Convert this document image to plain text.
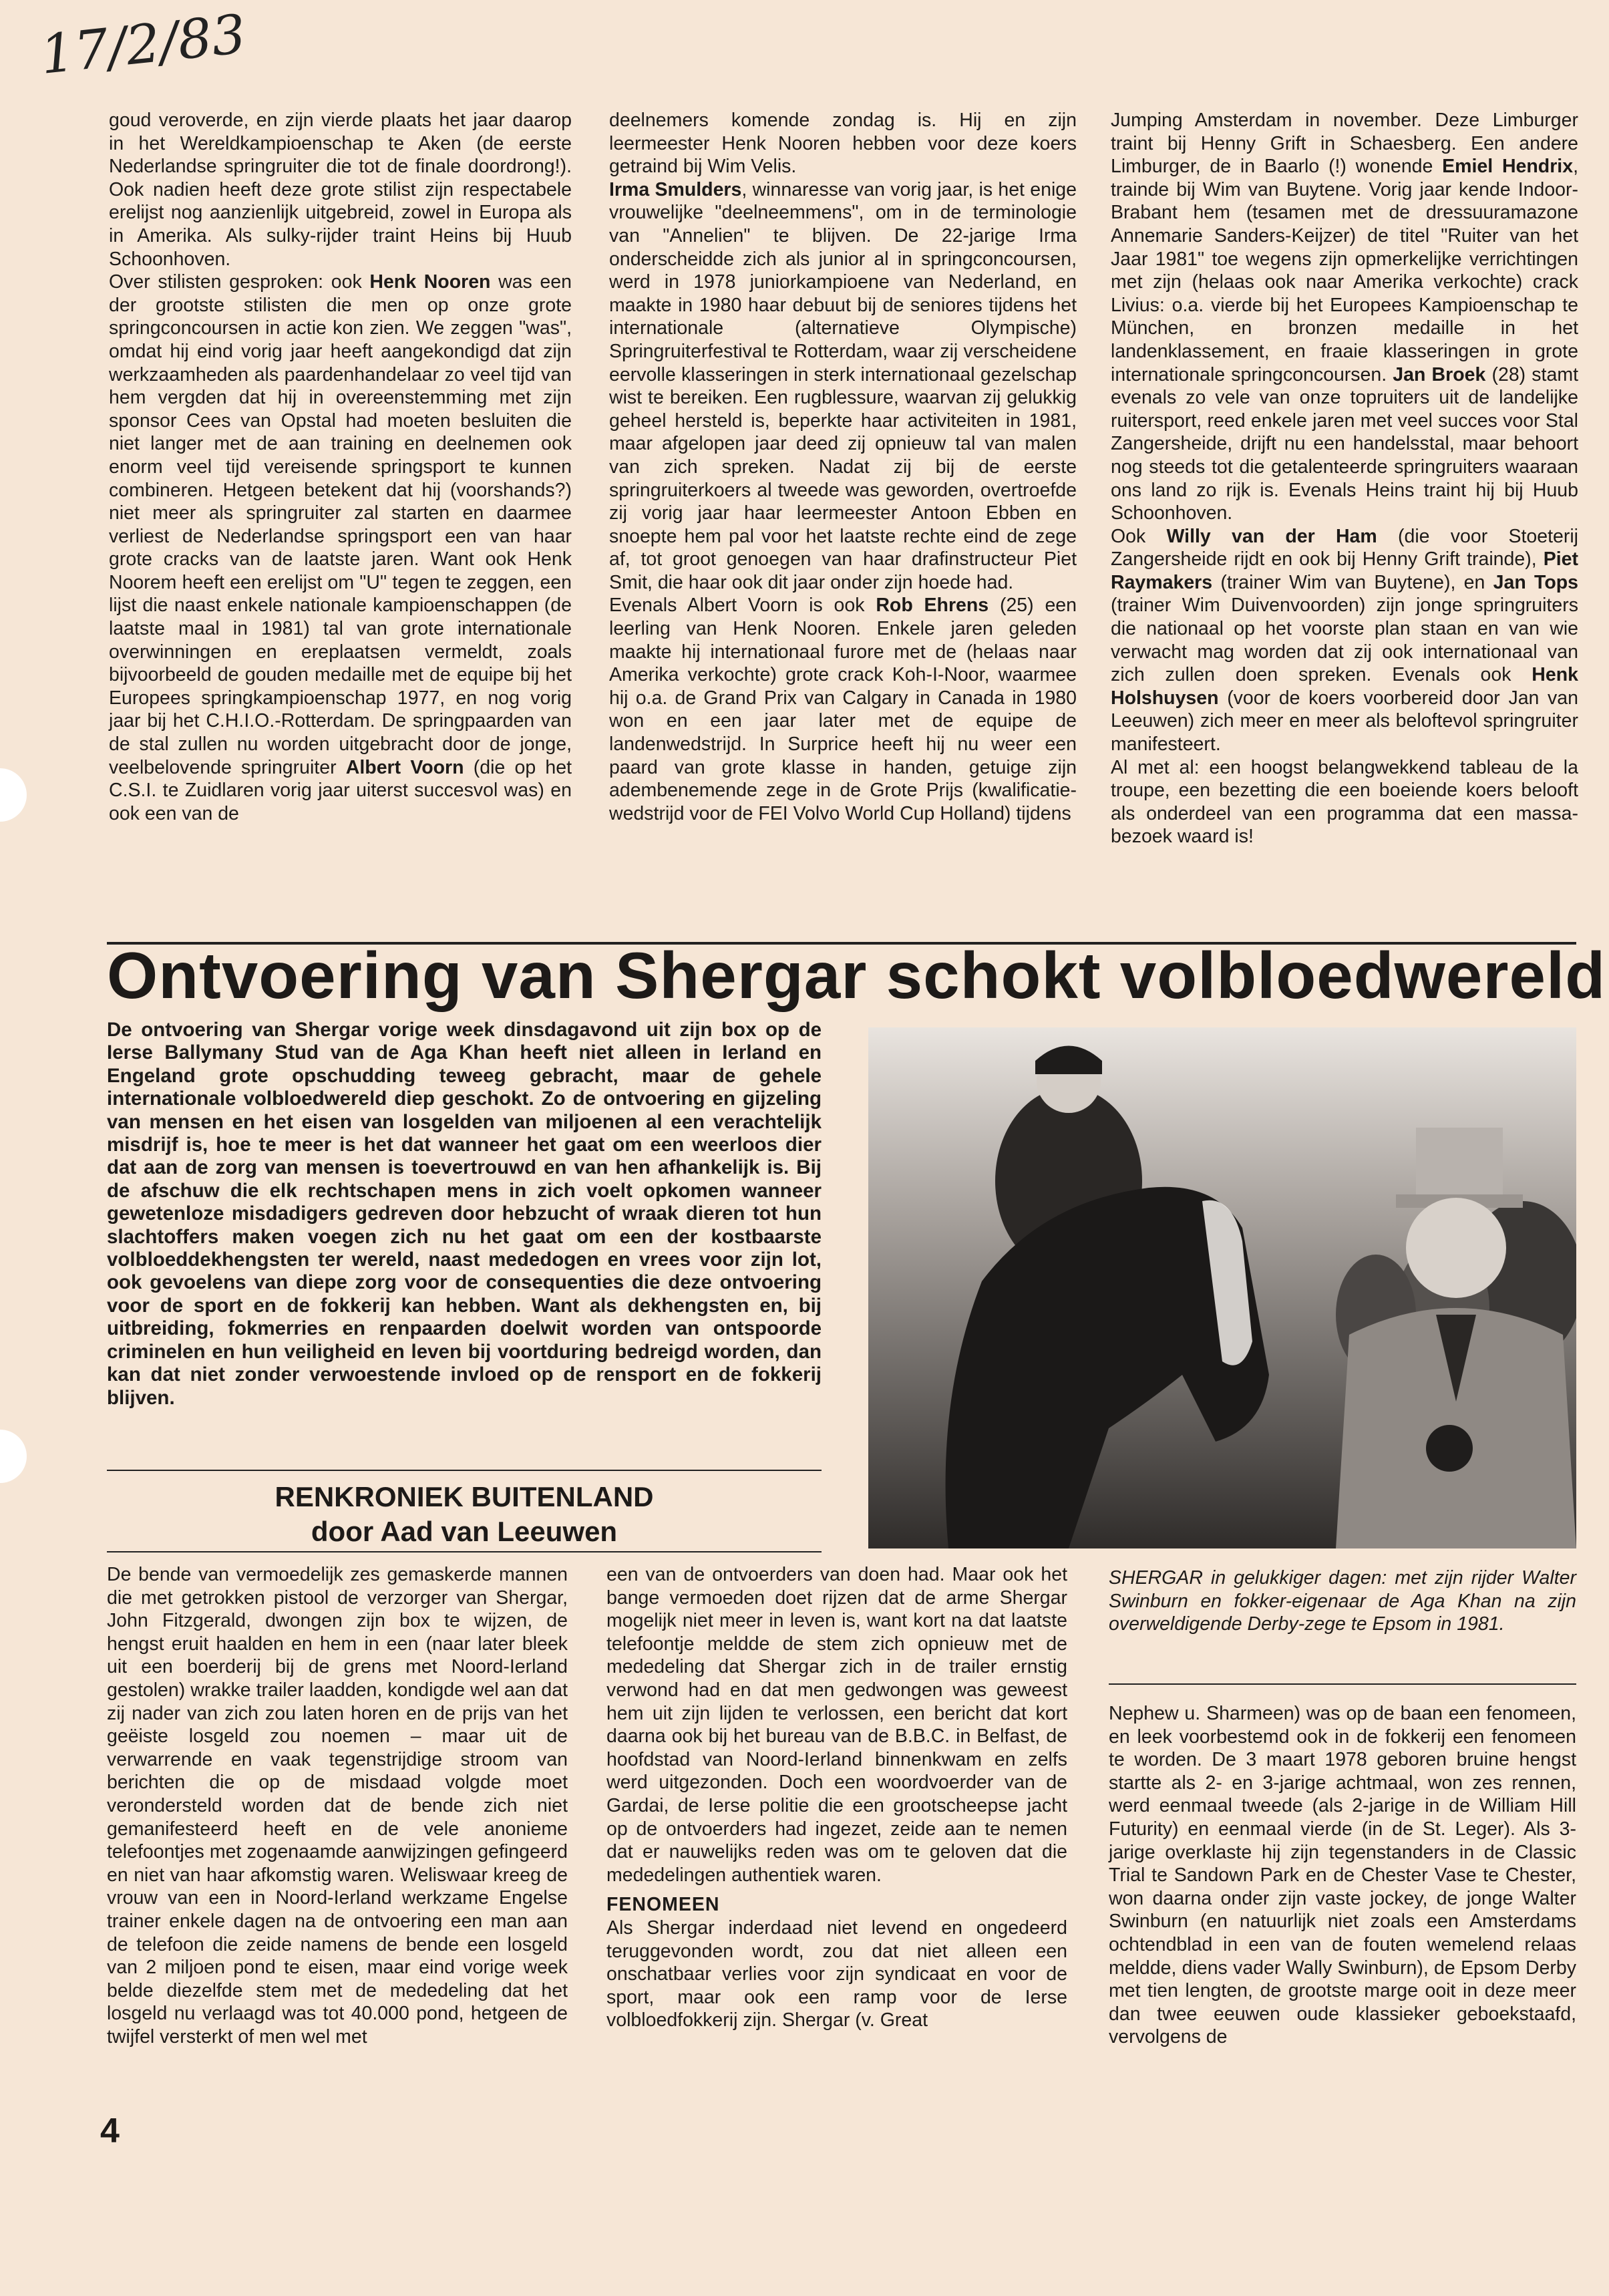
17/2/83

goud veroverde, en zijn vierde plaats het jaar daarop in het Wereldkampioenschap te Aken (de eerste Nederlandse springruiter die tot de finale doordrong!). Ook nadien heeft deze grote stilist zijn respectabele erelijst nog aanzienlijk uitgebreid, zowel in Europa als in Amerika. Als sulky-rijder traint Heins bij Huub Schoonhoven.

Over stilisten gesproken: ook Henk Nooren was een der grootste stilisten die men op onze grote springconcoursen in actie kon zien. We zeggen "was", omdat hij eind vorig jaar heeft aangekondigd dat zijn werkzaamheden als paardenhandelaar zo veel tijd van hem vergden dat hij in overeenstemming met zijn sponsor Cees van Opstal had moeten besluiten die niet langer met de aan training en deelnemen ook enorm veel tijd vereisende springsport te kunnen combineren. Hetgeen betekent dat hij (voorshands?) niet meer als springruiter zal starten en daarmee verliest de Nederlandse springsport een van haar grote cracks van de laatste jaren. Want ook Henk Noorem heeft een erelijst om "U" tegen te zeggen, een lijst die naast enkele nationale kampioenschappen (de laatste maal in 1981) tal van grote internationale overwinningen en ereplaatsen vermeldt, zoals bijvoorbeeld de gouden medaille met de equipe bij het Europees springkampioenschap 1977, en nog vorig jaar bij het C.H.I.O.-Rotterdam. De springpaarden van de stal zullen nu worden uitgebracht door de jonge, veelbelovende springruiter Albert Voorn (die op het C.S.I. te Zuidlaren vorig jaar uiterst succesvol was) en ook een van de

deelnemers komende zondag is. Hij en zijn leermeester Henk Nooren hebben voor deze koers getraind bij Wim Velis.

Irma Smulders, winnaresse van vorig jaar, is het enige vrouwelijke "deelneemmens", om in de terminologie van "Annelien" te blijven. De 22-jarige Irma onderscheidde zich als junior al in springconcoursen, werd in 1978 juniorkampioene van Nederland, en maakte in 1980 haar debuut bij de seniores tijdens het internationale (alternatieve Olympische) Springruiterfestival te Rotterdam, waar zij verscheidene eervolle klasseringen in sterk internationaal gezelschap wist te bereiken. Een rugblessure, waarvan zij gelukkig geheel hersteld is, beperkte haar activiteiten in 1981, maar afgelopen jaar deed zij opnieuw tal van malen van zich spreken. Nadat zij bij de eerste springruiterkoers al tweede was geworden, overtroefde zij vorig jaar haar leermeester Antoon Ebben en snoepte hem pal voor het laatste rechte eind de zege af, tot groot genoegen van haar drafinstructeur Piet Smit, die haar ook dit jaar onder zijn hoede had.

Evenals Albert Voorn is ook Rob Ehrens (25) een leerling van Henk Nooren. Enkele jaren geleden maakte hij internationaal furore met de (helaas naar Amerika verkochte) grote crack Koh-I-Noor, waarmee hij o.a. de Grand Prix van Calgary in Canada in 1980 won en een jaar later met de equipe de landenwedstrijd. In Surprice heeft hij nu weer een paard van grote klasse in handen, getuige zijn adembenemende zege in de Grote Prijs (kwalificatie-wedstrijd voor de FEI Volvo World Cup Holland) tijdens

Jumping Amsterdam in november. Deze Limburger traint bij Henny Grift in Schaesberg. Een andere Limburger, de in Baarlo (!) wonende Emiel Hendrix, trainde bij Wim van Buytene. Vorig jaar kende Indoor-Brabant hem (tesamen met de dressuuramazone Annemarie Sanders-Keijzer) de titel "Ruiter van het Jaar 1981" toe wegens zijn opmerkelijke verrichtingen met zijn (helaas ook naar Amerika verkochte) crack Livius: o.a. vierde bij het Europees Kampioenschap te München, en bronzen medaille in het landenklassement, en fraaie klasseringen in grote internationale springconcoursen. Jan Broek (28) stamt evenals zo vele van onze topruiters uit de landelijke ruitersport, reed enkele jaren met veel succes voor Stal Zangersheide, drijft nu een handelsstal, maar behoort nog steeds tot die getalenteerde springruiters waaraan ons land zo rijk is. Evenals Heins traint hij bij Huub Schoonhoven.

Ook Willy van der Ham (die voor Stoeterij Zangersheide rijdt en ook bij Henny Grift trainde), Piet Raymakers (trainer Wim van Buytene), en Jan Tops (trainer Wim Duivenvoorden) zijn jonge springruiters die nationaal op het voorste plan staan en van wie verwacht mag worden dat zij ook internationaal van zich zullen doen spreken. Evenals ook Henk Holshuysen (voor de koers voorbereid door Jan van Leeuwen) zich meer en meer als beloftevol springruiter manifesteert.

Al met al: een hoogst belangwekkend tableau de la troupe, een bezetting die een boeiende koers belooft als onderdeel van een programma dat een massa-bezoek waard is!

Ontvoering van Shergar schokt volbloedwereld
De ontvoering van Shergar vorige week dinsdagavond uit zijn box op de Ierse Ballymany Stud van de Aga Khan heeft niet alleen in Ierland en Engeland grote opschudding teweeg gebracht, maar de gehele internationale volbloedwereld diep geschokt. Zo de ontvoering en gijzeling van mensen en het eisen van losgelden van miljoenen al een verachtelijk misdrijf is, hoe te meer is het dat wanneer het gaat om een weerloos dier dat aan de zorg van mensen is toevertrouwd en van hen afhankelijk is. Bij de afschuw die elk rechtschapen mens in zich voelt opkomen wanneer gewetenloze misdadigers gedreven door hebzucht of wraak dieren tot hun slachtoffers maken voegen zich nu het gaat om een der kostbaarste volbloeddekhengsten ter wereld, naast mededogen en vrees voor zijn lot, ook gevoelens van diepe zorg voor de consequenties die deze ontvoering voor de sport en de fokkerij kan hebben. Want als dekhengsten en, bij uitbreiding, fokmerries en renpaarden doelwit worden van ontspoorde criminelen en hun veiligheid en leven bij voortduring bedreigd worden, dan kan dat niet zonder verwoestende invloed op de rensport en de fokkerij blijven.
RENKRONIEK BUITENLAND
door Aad van Leeuwen
SHERGAR in gelukkiger dagen: met zijn rijder Walter Swinburn en fokker-eigenaar de Aga Khan na zijn overweldigende Derby-zege te Epsom in 1981.

De bende van vermoedelijk zes gemaskerde mannen die met getrokken pistool de verzorger van Shergar, John Fitzgerald, dwongen zijn box te wijzen, de hengst eruit haalden en hem in een (naar later bleek uit een boerderij bij de grens met Noord-Ierland gestolen) wrakke trailer laadden, kondigde wel aan dat zij nader van zich zou laten horen en de prijs van het geëiste losgeld zou noemen – maar uit de verwarrende en vaak tegenstrijdige stroom van berichten die op de misdaad volgde moet verondersteld worden dat de bende zich niet gemanifesteerd heeft en de vele anonieme telefoontjes met zogenaamde aanwijzingen gefingeerd en niet van haar afkomstig waren. Weliswaar kreeg de vrouw van een in Noord-Ierland werkzame Engelse trainer enkele dagen na de ontvoering een man aan de telefoon die zeide namens de bende een losgeld van 2 miljoen pond te eisen, maar eind vorige week belde diezelfde stem met de mededeling dat het losgeld nu verlaagd was tot 40.000 pond, hetgeen de twijfel versterkt of men wel met

een van de ontvoerders van doen had. Maar ook het bange vermoeden doet rijzen dat de arme Shergar mogelijk niet meer in leven is, want kort na dat laatste telefoontje meldde de stem zich opnieuw met de mededeling dat Shergar zich in de trailer ernstig verwond had en dat men gedwongen was geweest hem uit zijn lijden te verlossen, een bericht dat kort daarna ook bij het bureau van de B.B.C. in Belfast, de hoofdstad van Noord-Ierland binnenkwam en zelfs werd uitgezonden. Doch een woordvoerder van de Gardai, de Ierse politie die een grootscheepse jacht op de ontvoerders had ingezet, zeide aan te nemen dat er nauwelijks reden was om te geloven dat die mededelingen authentiek waren.

FENOMEEN

Als Shergar inderdaad niet levend en ongedeerd teruggevonden wordt, zou dat niet alleen een onschatbaar verlies voor zijn syndicaat en voor de sport, maar ook een ramp voor de Ierse volbloedfokkerij zijn. Shergar (v. Great

Nephew u. Sharmeen) was op de baan een fenomeen, en leek voorbestemd ook in de fokkerij een fenomeen te worden. De 3 maart 1978 geboren bruine hengst startte als 2- en 3-jarige achtmaal, won zes rennen, werd eenmaal tweede (als 2-jarige in de William Hill Futurity) en eenmaal vierde (in de St. Leger). Als 3-jarige overklaste hij zijn tegenstanders in de Classic Trial te Sandown Park en de Chester Vase te Chester, won daarna onder zijn vaste jockey, de jonge Walter Swinburn (en natuurlijk niet zoals een Amsterdams ochtendblad in een van de fouten wemelend relaas meldde, diens vader Wally Swinburn), de Epsom Derby met tien lengten, de grootste marge ooit in deze meer dan twee eeuwen oude klassieker geboekstaafd, vervolgens de

4
